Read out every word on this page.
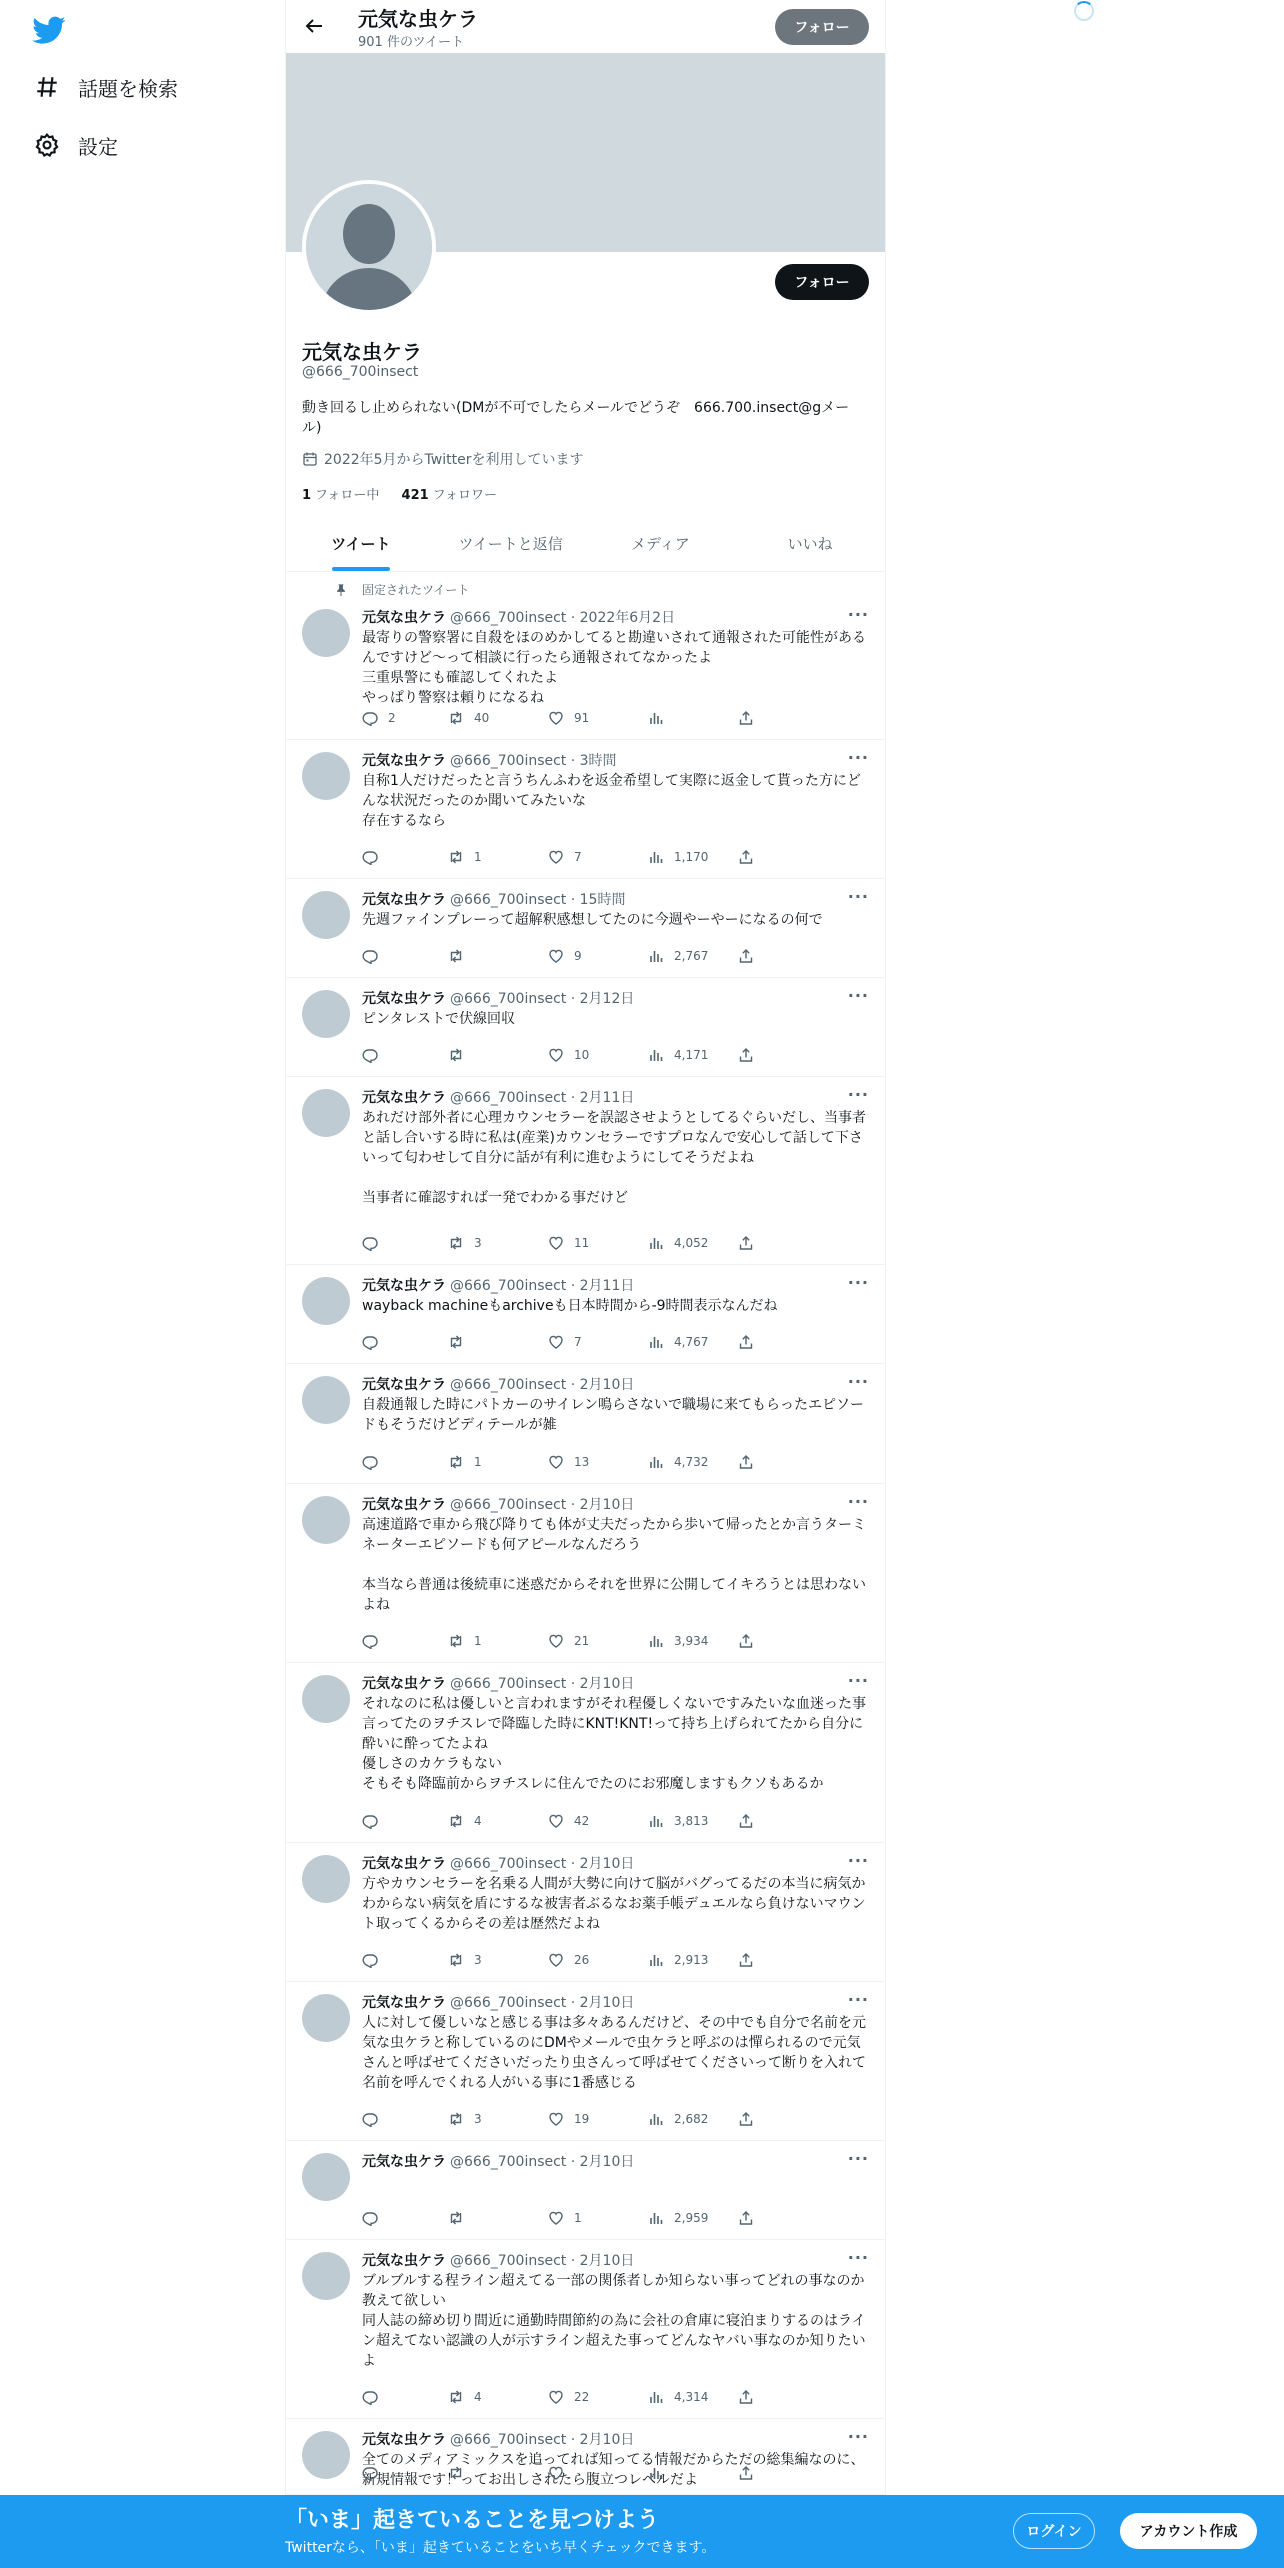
話題を検索
設定
元気な虫ケラ
901 件のツイート
フォロー
フォロー
元気な虫ケラ
@666_700insect
動き回るし止められない(DMが不可でしたらメールでどうぞ　666.700.insect@gメール)
2022年5月からTwitterを利用しています
1 フォロー中 421 フォロワー
ツイート	ツイートと返信	メディア	いいね
固定されたツイート
元気な虫ケラ @666_700insect · 2022年6月2日	···
最寄りの警察署に自殺をほのめかしてると勘違いされて通報された可能性があるんですけど〜って相談に行ったら通報されてなかったよ
三重県警にも確認してくれたよ
やっぱり警察は頼りになるね
2	40	91
元気な虫ケラ @666_700insect · 3時間	···
自称1人だけだったと言うちんふわを返金希望して実際に返金して貰った方にどんな状況だったのか聞いてみたいな
存在するなら
1	7	1,170
元気な虫ケラ @666_700insect · 15時間	···
先週ファインプレーって超解釈感想してたのに今週やーやーになるの何で
9	2,767
元気な虫ケラ @666_700insect · 2月12日	···
ピンタレストで伏線回収
10	4,171
元気な虫ケラ @666_700insect · 2月11日	···
あれだけ部外者に心理カウンセラーを誤認させようとしてるぐらいだし、当事者と話し合いする時に私は(産業)カウンセラーですプロなんで安心して話して下さいって匂わせして自分に話が有利に進むようにしてそうだよね

当事者に確認すれば一発でわかる事だけど
3	11	4,052
元気な虫ケラ @666_700insect · 2月11日	···
wayback machineもarchiveも日本時間から-9時間表示なんだね
7	4,767
元気な虫ケラ @666_700insect · 2月10日	···
自殺通報した時にパトカーのサイレン鳴らさないで職場に来てもらったエピソードもそうだけどディテールが雑
1	13	4,732
元気な虫ケラ @666_700insect · 2月10日	···
高速道路で車から飛び降りても体が丈夫だったから歩いて帰ったとか言うターミネーターエピソードも何アピールなんだろう

本当なら普通は後続車に迷惑だからそれを世界に公開してイキろうとは思わないよね
1	21	3,934
元気な虫ケラ @666_700insect · 2月10日	···
それなのに私は優しいと言われますがそれ程優しくないですみたいな血迷った事言ってたのヲチスレで降臨した時にKNT!KNT!って持ち上げられてたから自分に酔いに酔ってたよね
優しさのカケラもない
そもそも降臨前からヲチスレに住んでたのにお邪魔しますもクソもあるか
4	42	3,813
元気な虫ケラ @666_700insect · 2月10日	···
方やカウンセラーを名乗る人間が大勢に向けて脳がバグってるだの本当に病気かわからない病気を盾にするな被害者ぶるなお薬手帳デュエルなら負けないマウント取ってくるからその差は歴然だよね
3	26	2,913
元気な虫ケラ @666_700insect · 2月10日	···
人に対して優しいなと感じる事は多々あるんだけど、その中でも自分で名前を元気な虫ケラと称しているのにDMやメールで虫ケラと呼ぶのは憚られるので元気さんと呼ばせてくださいだったり虫さんって呼ばせてくださいって断りを入れて名前を呼んでくれる人がいる事に1番感じる
3	19	2,682
元気な虫ケラ @666_700insect · 2月10日	···
1	2,959
元気な虫ケラ @666_700insect · 2月10日	···
ブルブルする程ライン超えてる一部の関係者しか知らない事ってどれの事なのか教えて欲しい
同人誌の締め切り間近に通勤時間節約の為に会社の倉庫に寝泊まりするのはライン超えてない認識の人が示すライン超えた事ってどんなヤバい事なのか知りたいよ
4	22	4,314
元気な虫ケラ @666_700insect · 2月10日	···
全てのメディアミックスを追ってれば知ってる情報だからただの総集編なのに、新規情報です！ってお出しされたら腹立つレベルだよ
「いま」起きていることを見つけよう
Twitterなら、「いま」起きていることをいち早くチェックできます。
ログイン	アカウント作成
